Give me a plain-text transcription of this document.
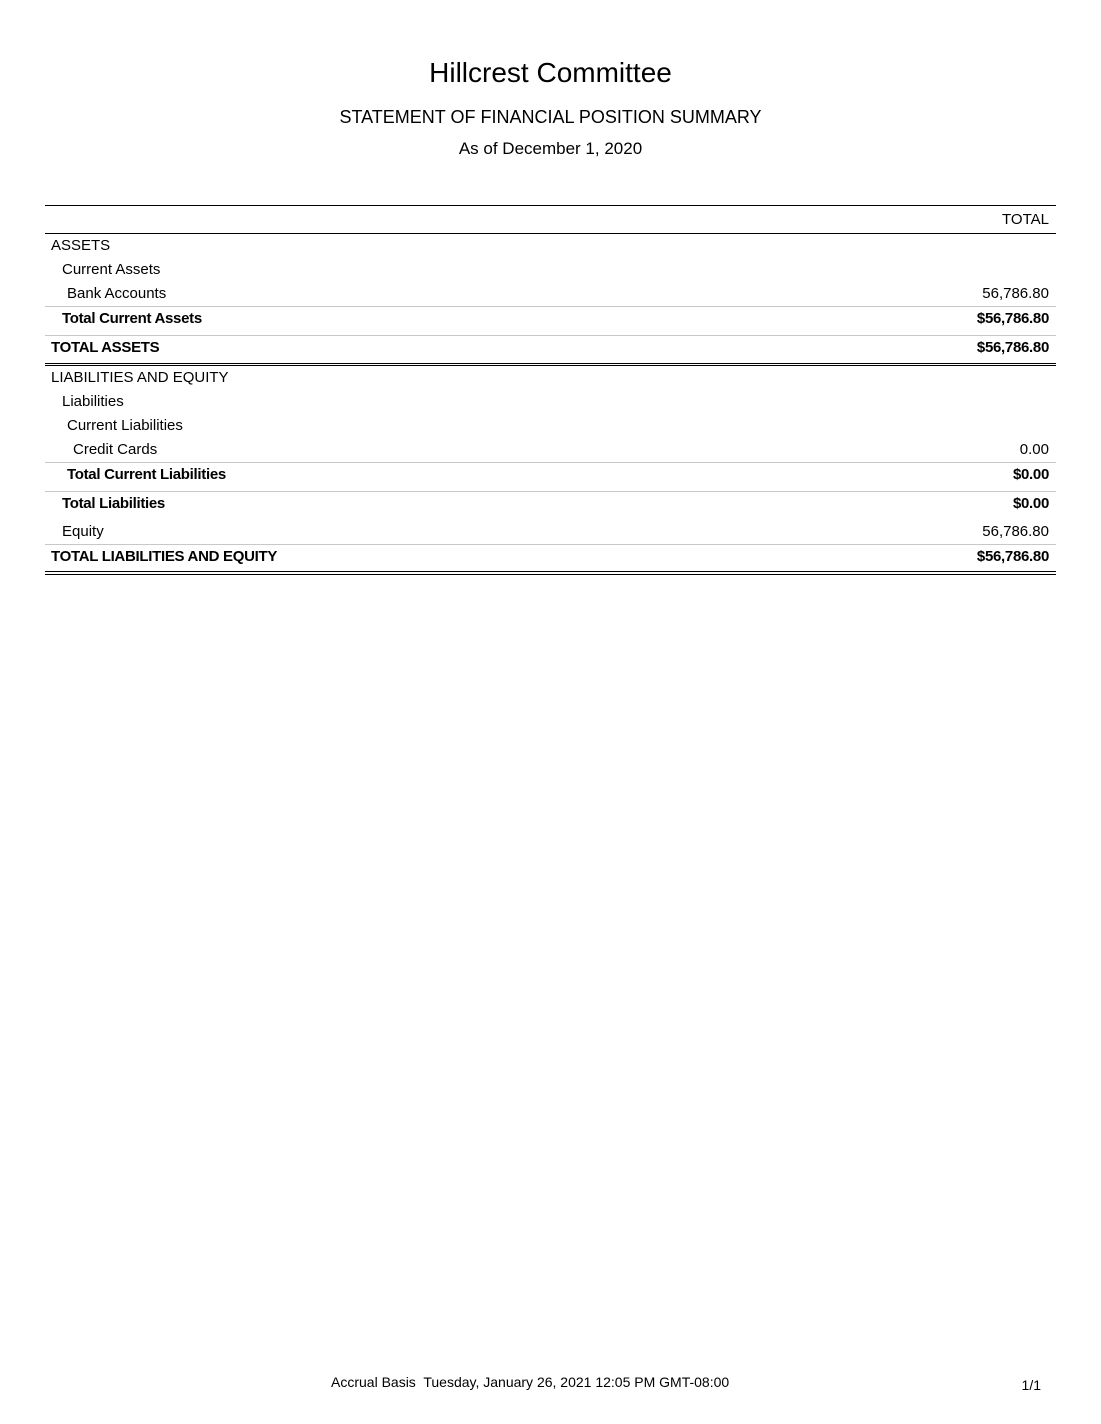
Hillcrest Committee
STATEMENT OF FINANCIAL POSITION SUMMARY
As of December 1, 2020
TOTAL
ASSETS
Current Assets
Bank Accounts	56,786.80
Total Current Assets	$56,786.80
TOTAL ASSETS	$56,786.80
LIABILITIES AND EQUITY
Liabilities
Current Liabilities
Credit Cards	0.00
Total Current Liabilities	$0.00
Total Liabilities	$0.00
Equity	56,786.80
TOTAL LIABILITIES AND EQUITY	$56,786.80
Accrual Basis  Tuesday, January 26, 2021 12:05 PM GMT-08:00	1/1
